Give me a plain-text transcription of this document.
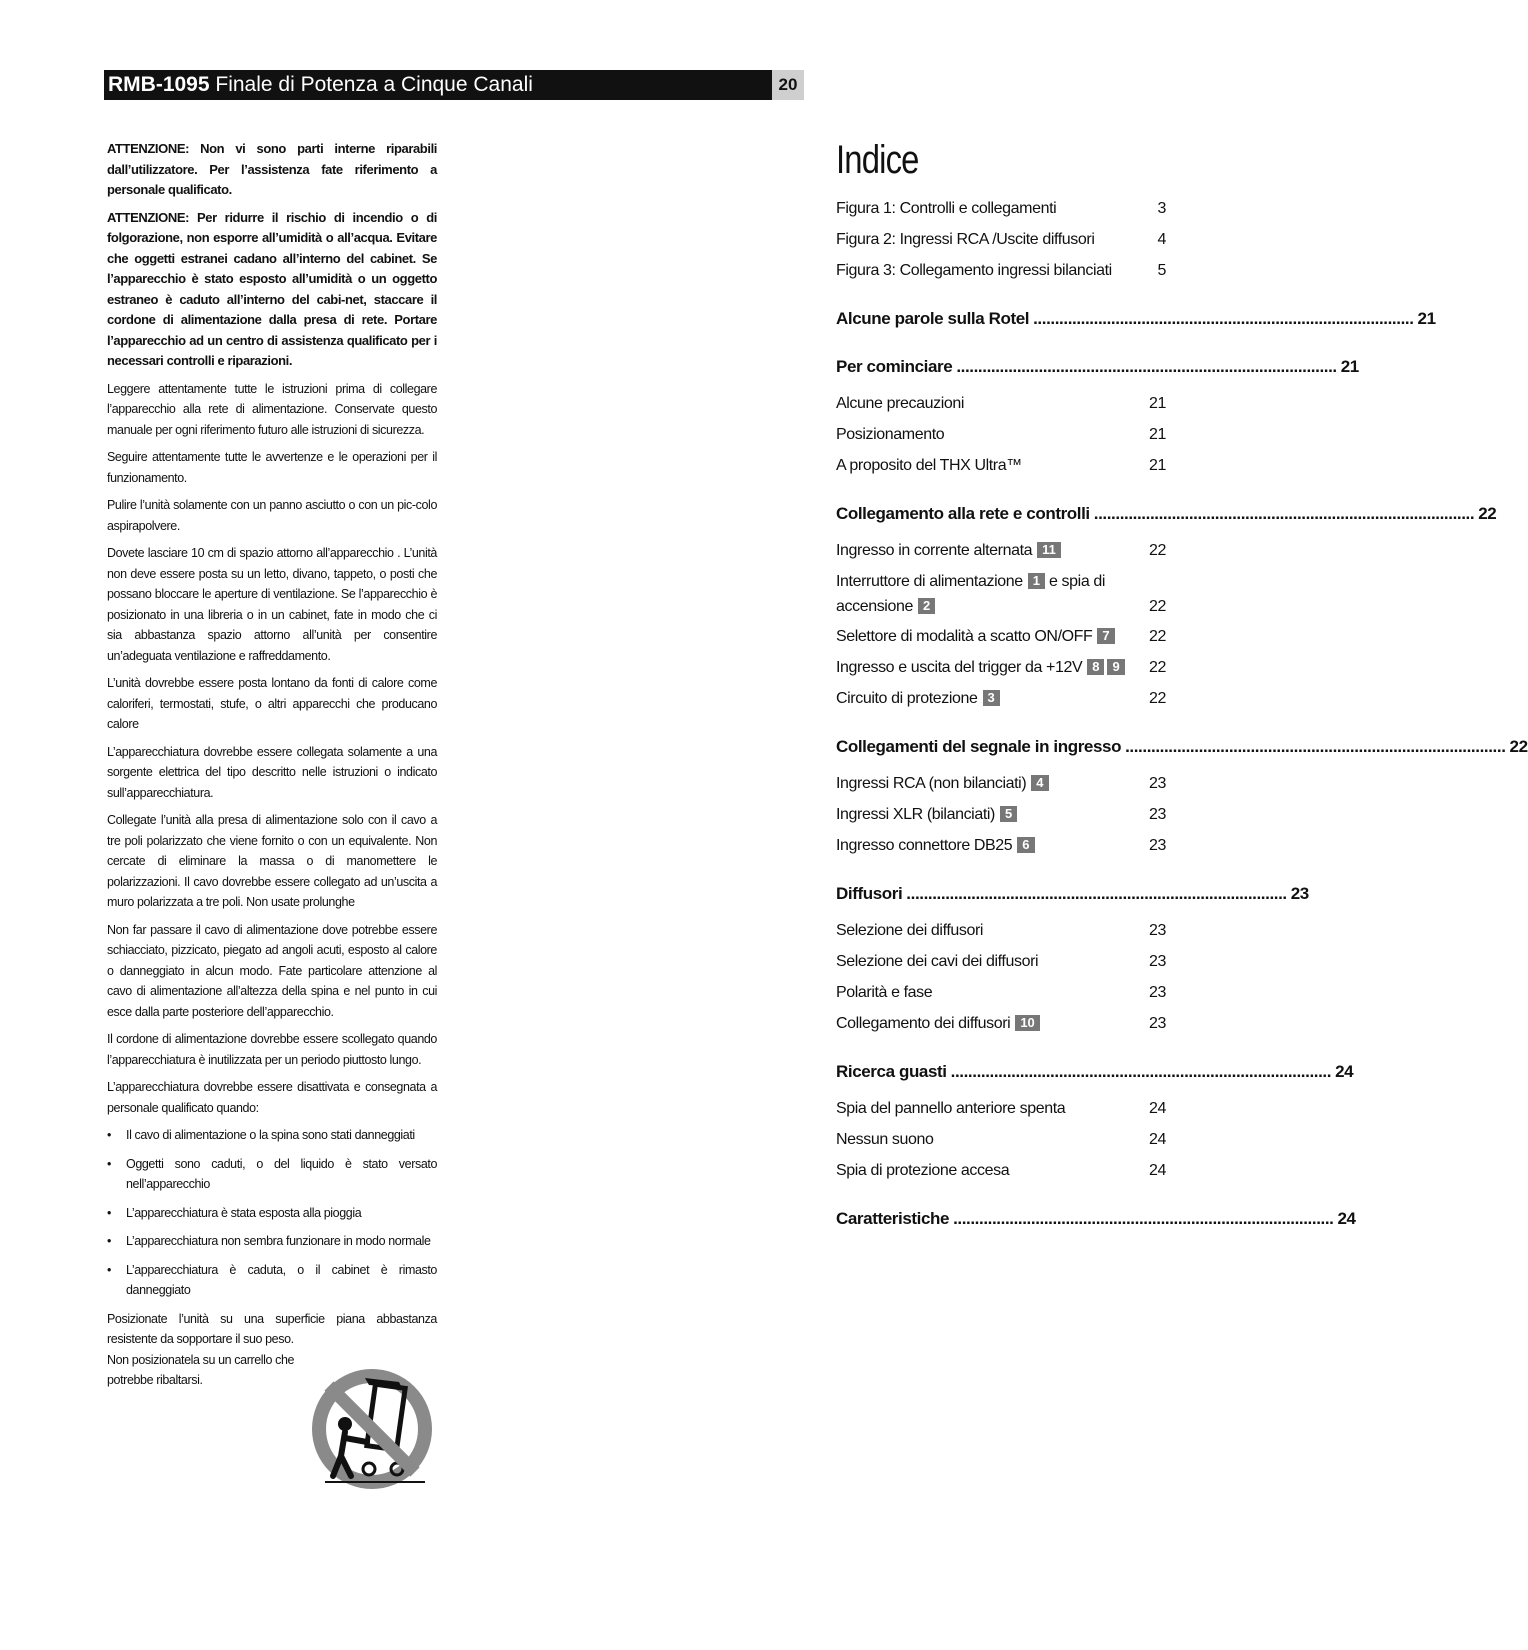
RMB-1095 Finale di Potenza a Cinque Canali	20

ATTENZIONE: Non vi sono parti interne riparabili dall’utilizzatore. Per l’assistenza fate riferimento a personale qualificato.

ATTENZIONE: Per ridurre il rischio di incendio o di folgorazione, non esporre all’umidità o all’acqua. Evitare che oggetti estranei cadano all’interno del cabinet. Se l’apparecchio è stato esposto all’umidità o un oggetto estraneo è caduto all’interno del cabi-net, staccare il cordone di alimentazione dalla presa di rete. Portare l’apparecchio ad un centro di assistenza qualificato per i necessari controlli e riparazioni.

Leggere attentamente tutte le istruzioni prima di collegare l’apparecchio alla rete di alimentazione. Conservate questo manuale per ogni riferimento futuro alle istruzioni di sicurezza.

Seguire attentamente tutte le avvertenze e le operazioni per il funzionamento.

Pulire l’unità solamente con un panno asciutto o con un pic-colo aspirapolvere.

Dovete lasciare 10 cm di spazio attorno all’apparecchio . L’unità non deve essere posta su un letto, divano, tappeto, o posti che possano bloccare le aperture di ventilazione. Se l’apparecchio è posizionato in una libreria o in un cabinet, fate in modo che ci sia abbastanza spazio attorno all’unità per consentire un’adeguata ventilazione e raffreddamento.

L’unità dovrebbe essere posta lontano da fonti di calore come caloriferi, termostati, stufe, o altri apparecchi che producano calore

L’apparecchiatura dovrebbe essere collegata solamente a una sorgente elettrica del tipo descritto nelle istruzioni o indicato sull’apparecchiatura.

Collegate l’unità alla presa di alimentazione solo con il cavo a tre poli polarizzato che viene fornito o con un equivalente. Non cercate di eliminare la massa o di manomettere le polarizzazioni. Il cavo dovrebbe essere collegato ad un’uscita a muro polarizzata a tre poli. Non usate prolunghe

Non far passare il cavo di alimentazione dove potrebbe essere schiacciato, pizzicato, piegato ad angoli acuti, esposto al calore o danneggiato in alcun modo. Fate particolare attenzione al cavo di alimentazione all’altezza della spina e nel punto in cui esce dalla parte posteriore dell’apparecchio.

Il cordone di alimentazione dovrebbe essere scollegato quando l’apparecchiatura è inutilizzata per un periodo piuttosto lungo.

L’apparecchiatura dovrebbe essere disattivata e consegnata a personale qualificato quando:

• Il cavo di alimentazione o la spina sono stati danneggiati
• Oggetti sono caduti, o del liquido è stato versato nell’apparecchio
• L’apparecchiatura è stata esposta alla pioggia
• L’apparecchiatura non sembra funzionare in modo normale
• L’apparecchiatura è caduta, o il cabinet è rimasto danneggiato

Posizionate l’unità su una superficie piana abbastanza resistente da sopportare il suo peso.

Non posizionatela su un carrello che potrebbe ribaltarsi.

Indice
Figura 1: Controlli e collegamenti	3
Figura 2: Ingressi RCA /Uscite diffusori	4
Figura 3: Collegamento ingressi bilanciati	5
Alcune parole sulla Rotel ........................................................................................ 21
Per cominciare ........................................................................................ 21
Alcune precauzioni	21
Posizionamento	21
A proposito del THX Ultra™	21
Collegamento alla rete e controlli ........................................................................................ 22
Ingresso in corrente alternata 11	22
Interruttore di alimentazione 1 e spia di
accensione 2	22
Selettore di modalità a scatto ON/OFF 7	22
Ingresso e uscita del trigger da +12V 8 9	22
Circuito di protezione 3	22
Collegamenti del segnale in ingresso ........................................................................................ 22
Ingressi RCA (non bilanciati) 4	23
Ingressi XLR (bilanciati) 5	23
Ingresso connettore DB25 6	23
Diffusori ........................................................................................ 23
Selezione dei diffusori	23
Selezione dei cavi dei diffusori	23
Polarità e fase	23
Collegamento dei diffusori 10	23
Ricerca guasti ........................................................................................ 24
Spia del pannello anteriore spenta	24
Nessun suono	24
Spia di protezione accesa	24
Caratteristiche ........................................................................................ 24
